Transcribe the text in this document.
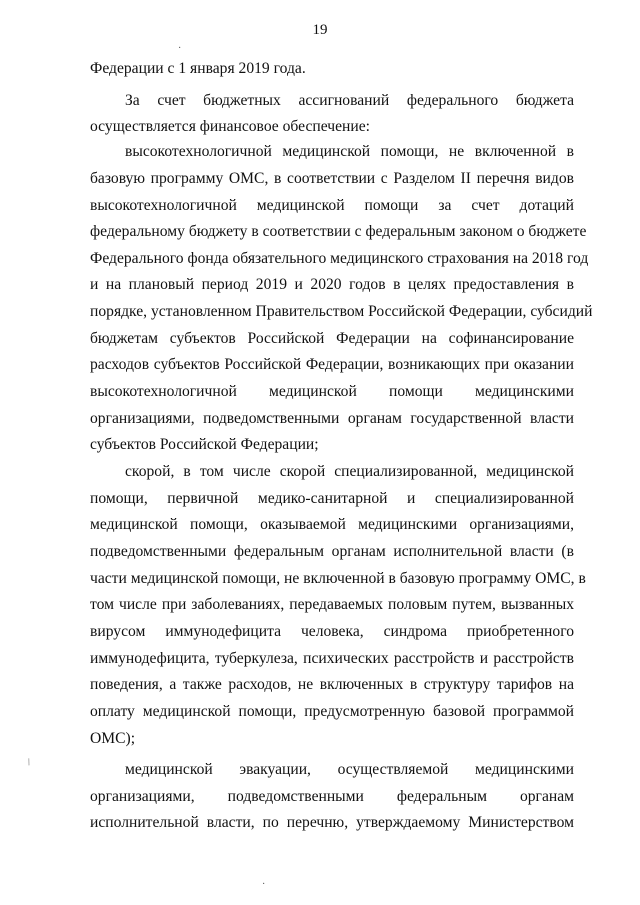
19
Федерации с 1 января 2019 года.
За счет бюджетных ассигнований федерального бюджета
осуществляется финансовое обеспечение:
высокотехнологичной медицинской помощи, не включенной в
базовую программу ОМС, в соответствии с Разделом II перечня видов
высокотехнологичной медицинской помощи за счет дотаций
федеральному бюджету в соответствии с федеральным законом о бюджете
Федерального фонда обязательного медицинского страхования на 2018 год
и на плановый период 2019 и 2020 годов в целях предоставления в
порядке, установленном Правительством Российской Федерации, субсидий
бюджетам субъектов Российской Федерации на софинансирование
расходов субъектов Российской Федерации, возникающих при оказании
высокотехнологичной медицинской помощи медицинскими
организациями, подведомственными органам государственной власти
субъектов Российской Федерации;
скорой, в том числе скорой специализированной, медицинской
помощи, первичной медико-санитарной и специализированной
медицинской помощи, оказываемой медицинскими организациями,
подведомственными федеральным органам исполнительной власти (в
части медицинской помощи, не включенной в базовую программу ОМС, в
том числе при заболеваниях, передаваемых половым путем, вызванных
вирусом иммунодефицита человека, синдрома приобретенного
иммунодефицита, туберкулеза, психических расстройств и расстройств
поведения, а также расходов, не включенных в структуру тарифов на
оплату медицинской помощи, предусмотренную базовой программой
ОМС);
медицинской эвакуации, осуществляемой медицинскими
организациями, подведомственными федеральным органам
исполнительной власти, по перечню, утверждаемому Министерством
·
/
·
